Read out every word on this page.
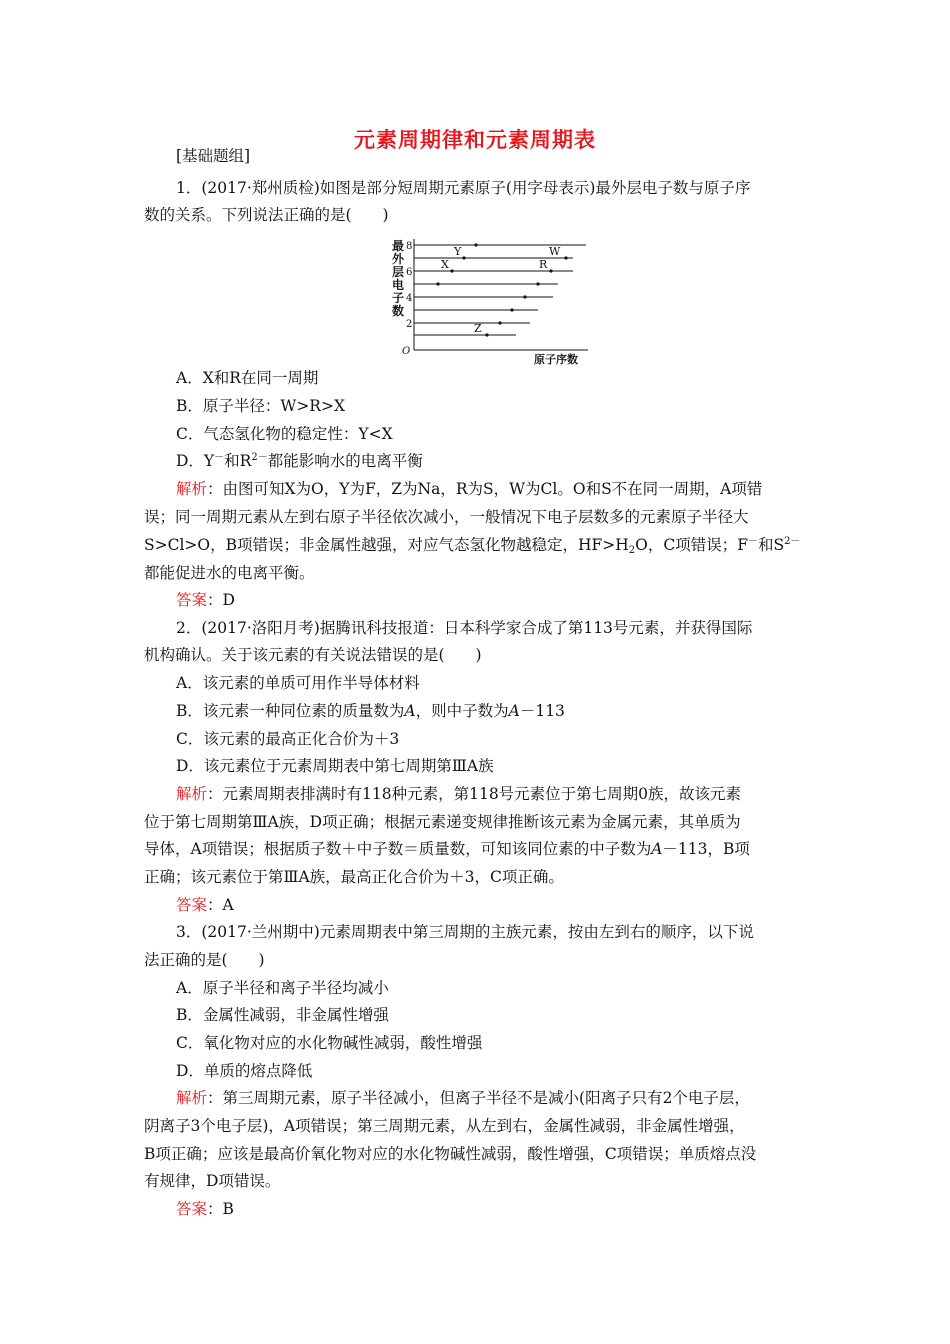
元素周期律和元素周期表
[基础题组]
1．(2017·郑州质检)如图是部分短周期元素原子(用字母表示)最外层电子数与原子序
数的关系。下列说法正确的是(　　)
最
外
层
电
子
数
8
6
4
2
O
Y	W
X	R
Z
原子序数
A．X和R在同一周期
B．原子半径：W>R>X
C．气态氢化物的稳定性：Y<X
D．Y－和$R^{2-}$都能影响水的电离平衡
解析：由图可知X为O，Y为F，Z为Na，R为S，W为Cl。O和S不在同一周期，A项错
误；同一周期元素从左到右原子半径依次减小，一般情况下电子层数多的元素原子半径大
S>Cl>O，B项错误；非金属性越强，对应气态氢化物越稳定，HF>H2O，C项错误；F－和$S^{2-}$
都能促进水的电离平衡。
答案：D
2．(2017·洛阳月考)据腾讯科技报道：日本科学家合成了第113号元素，并获得国际
机构确认。关于该元素的有关说法错误的是(　　)
A．该元素的单质可用作半导体材料
B．该元素一种同位素的质量数为A，则中子数为A－113
C．该元素的最高正化合价为＋3
D．该元素位于元素周期表中第七周期第ⅢA族
解析：元素周期表排满时有118种元素，第118号元素位于第七周期0族，故该元素
位于第七周期第ⅢA族，D项正确；根据元素递变规律推断该元素为金属元素，其单质为
导体，A项错误；根据质子数＋中子数＝质量数，可知该同位素的中子数为A－113，B项
正确；该元素位于第ⅢA族，最高正化合价为＋3，C项正确。
答案：A
3．(2017·兰州期中)元素周期表中第三周期的主族元素，按由左到右的顺序，以下说
法正确的是(　　)
A．原子半径和离子半径均减小
B．金属性减弱，非金属性增强
C．氧化物对应的水化物碱性减弱，酸性增强
D．单质的熔点降低
解析：第三周期元素，原子半径减小，但离子半径不是减小(阳离子只有2个电子层，
阴离子3个电子层)，A项错误；第三周期元素，从左到右，金属性减弱，非金属性增强，
B项正确；应该是最高价氧化物对应的水化物碱性减弱，酸性增强，C项错误；单质熔点没
有规律，D项错误。
答案：B
